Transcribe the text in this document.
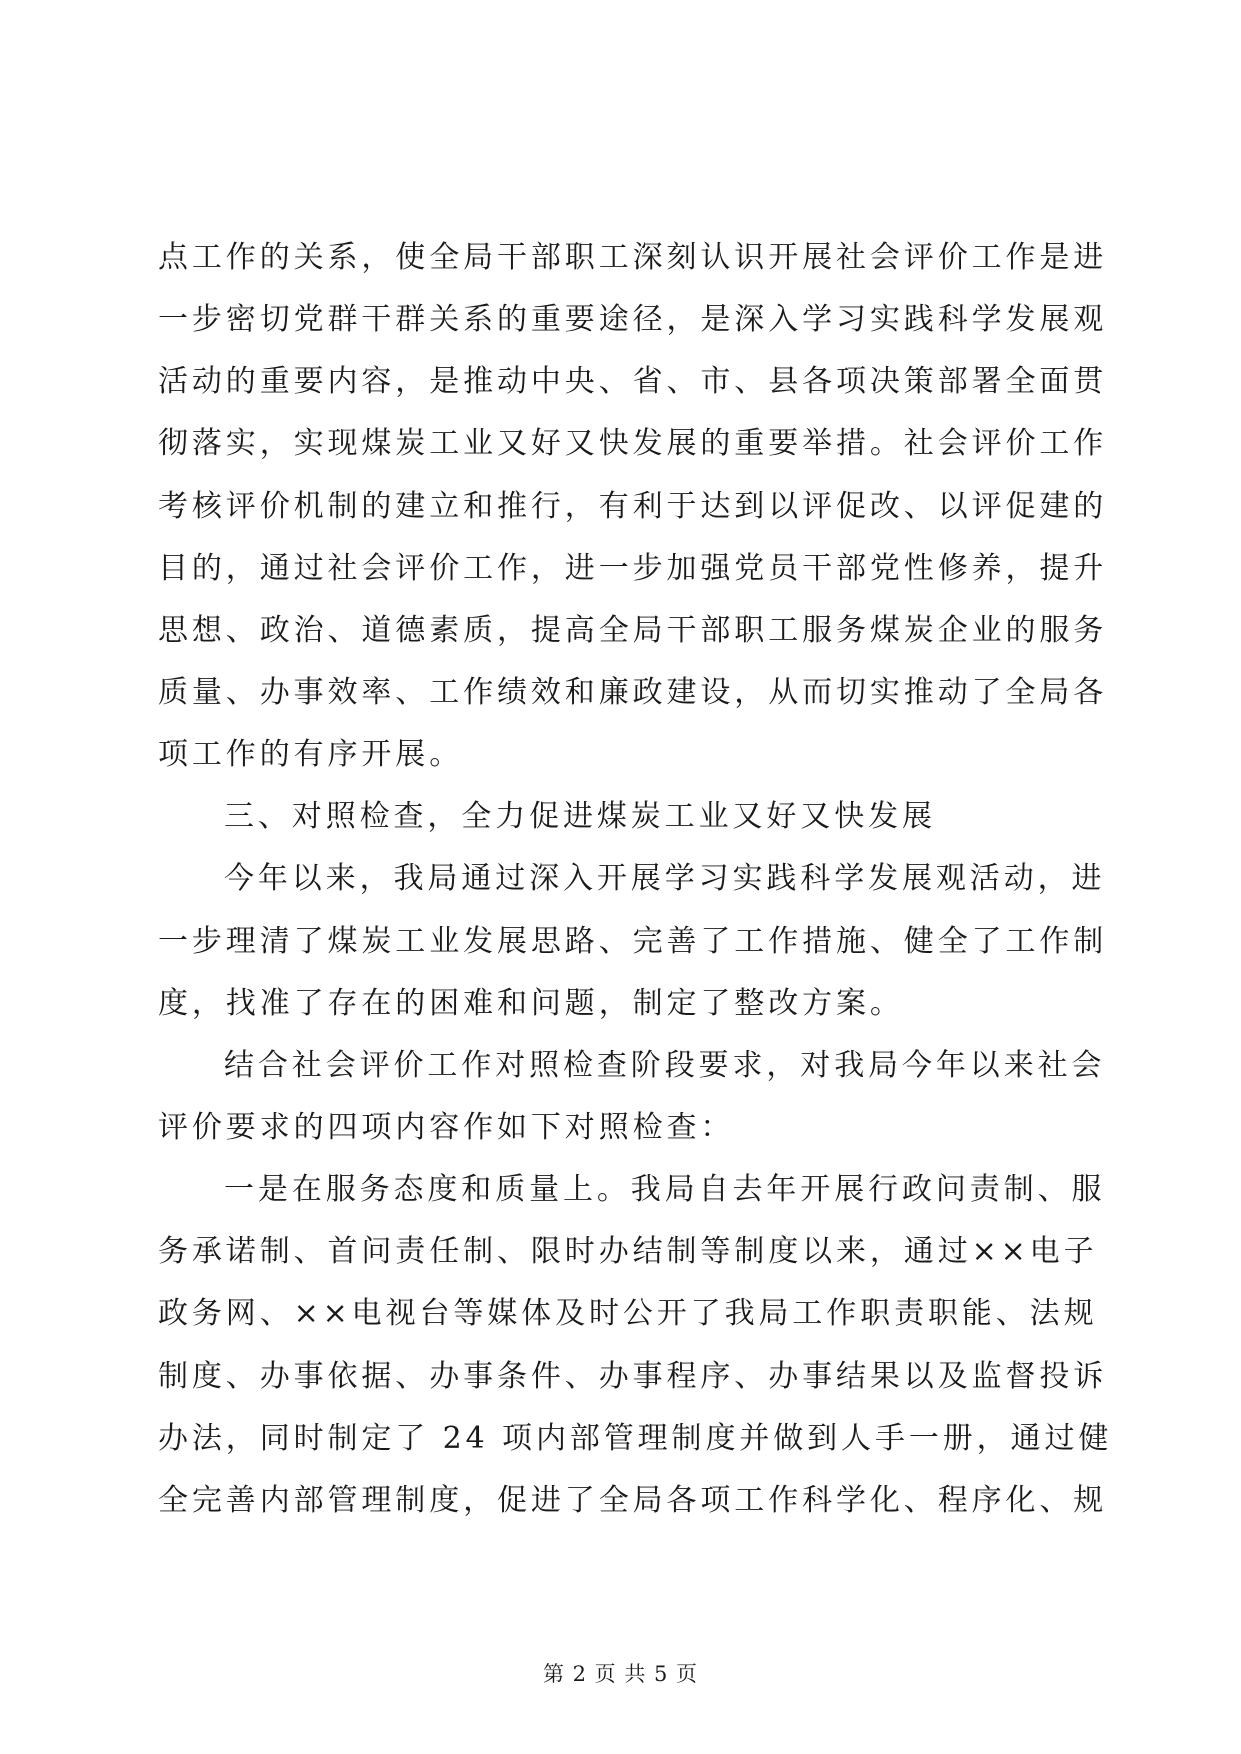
点工作的关系，使全局干部职工深刻认识开展社会评价工作是进
一步密切党群干群关系的重要途径，是深入学习实践科学发展观
活动的重要内容，是推动中央、省、市、县各项决策部署全面贯
彻落实，实现煤炭工业又好又快发展的重要举措。社会评价工作
考核评价机制的建立和推行，有利于达到以评促改、以评促建的
目的，通过社会评价工作，进一步加强党员干部党性修养，提升
思想、政治、道德素质，提高全局干部职工服务煤炭企业的服务
质量、办事效率、工作绩效和廉政建设，从而切实推动了全局各
项工作的有序开展。
三、对照检查，全力促进煤炭工业又好又快发展
今年以来，我局通过深入开展学习实践科学发展观活动，进
一步理清了煤炭工业发展思路、完善了工作措施、健全了工作制
度，找准了存在的困难和问题，制定了整改方案。
结合社会评价工作对照检查阶段要求，对我局今年以来社会
评价要求的四项内容作如下对照检查：
一是在服务态度和质量上。我局自去年开展行政问责制、服
务承诺制、首问责任制、限时办结制等制度以来，通过××电子
政务网、××电视台等媒体及时公开了我局工作职责职能、法规
制度、办事依据、办事条件、办事程序、办事结果以及监督投诉
办法，同时制定了 24 项内部管理制度并做到人手一册，通过健
全完善内部管理制度，促进了全局各项工作科学化、程序化、规
第 2 页 共 5 页
